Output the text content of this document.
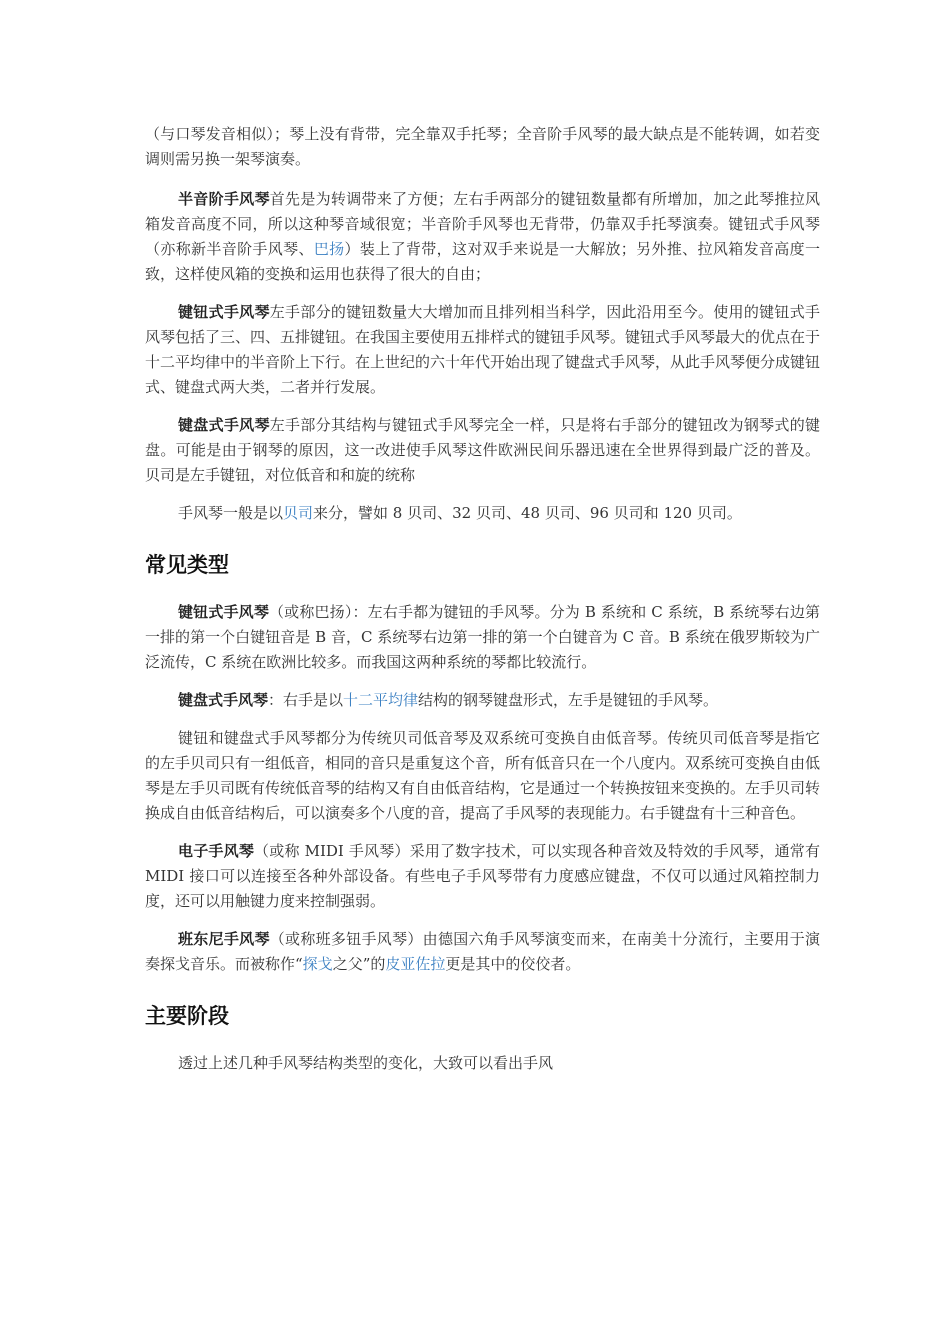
（与口琴发音相似）；琴上没有背带，完全靠双手托琴；全音阶手风琴的最大缺点是不能转调，如若变调则需另换一架琴演奏。

半音阶手风琴首先是为转调带来了方便；左右手两部分的键钮数量都有所增加，加之此琴推拉风箱发音高度不同，所以这种琴音域很宽；半音阶手风琴也无背带，仍靠双手托琴演奏。键钮式手风琴（亦称新半音阶手风琴、巴扬）装上了背带，这对双手来说是一大解放；另外推、拉风箱发音高度一致，这样使风箱的变换和运用也获得了很大的自由；

键钮式手风琴左手部分的键钮数量大大增加而且排列相当科学，因此沿用至今。使用的键钮式手风琴包括了三、四、五排键钮。在我国主要使用五排样式的键钮手风琴。键钮式手风琴最大的优点在于十二平均律中的半音阶上下行。在上世纪的六十年代开始出现了键盘式手风琴，从此手风琴便分成键钮式、键盘式两大类，二者并行发展。

键盘式手风琴左手部分其结构与键钮式手风琴完全一样，只是将右手部分的键钮改为钢琴式的键盘。可能是由于钢琴的原因，这一改进使手风琴这件欧洲民间乐器迅速在全世界得到最广泛的普及。 贝司是左手键钮，对位低音和和旋的统称

手风琴一般是以贝司来分，譬如 8 贝司、32 贝司、48 贝司、96 贝司和 120 贝司。

常见类型

键钮式手风琴（或称巴扬）：左右手都为键钮的手风琴。分为 B 系统和 C 系统，B 系统琴右边第一排的第一个白键钮音是 B 音，C 系统琴右边第一排的第一个白键音为 C 音。B 系统在俄罗斯较为广泛流传，C 系统在欧洲比较多。而我国这两种系统的琴都比较流行。

键盘式手风琴：右手是以十二平均律结构的钢琴键盘形式，左手是键钮的手风琴。

键钮和键盘式手风琴都分为传统贝司低音琴及双系统可变换自由低音琴。传统贝司低音琴是指它的左手贝司只有一组低音，相同的音只是重复这个音，所有低音只在一个八度内。双系统可变换自由低琴是左手贝司既有传统低音琴的结构又有自由低音结构，它是通过一个转换按钮来变换的。左手贝司转换成自由低音结构后，可以演奏多个八度的音，提高了手风琴的表现能力。右手键盘有十三种音色。

电子手风琴（或称 MIDI 手风琴）采用了数字技术，可以实现各种音效及特效的手风琴，通常有 MIDI 接口可以连接至各种外部设备。有些电子手风琴带有力度感应键盘，不仅可以通过风箱控制力度，还可以用触键力度来控制强弱。

班东尼手风琴（或称班多钮手风琴）由德国六角手风琴演变而来，在南美十分流行，主要用于演奏探戈音乐。而被称作“探戈之父”的皮亚佐拉更是其中的佼佼者。

主要阶段

透过上述几种手风琴结构类型的变化，大致可以看出手风
